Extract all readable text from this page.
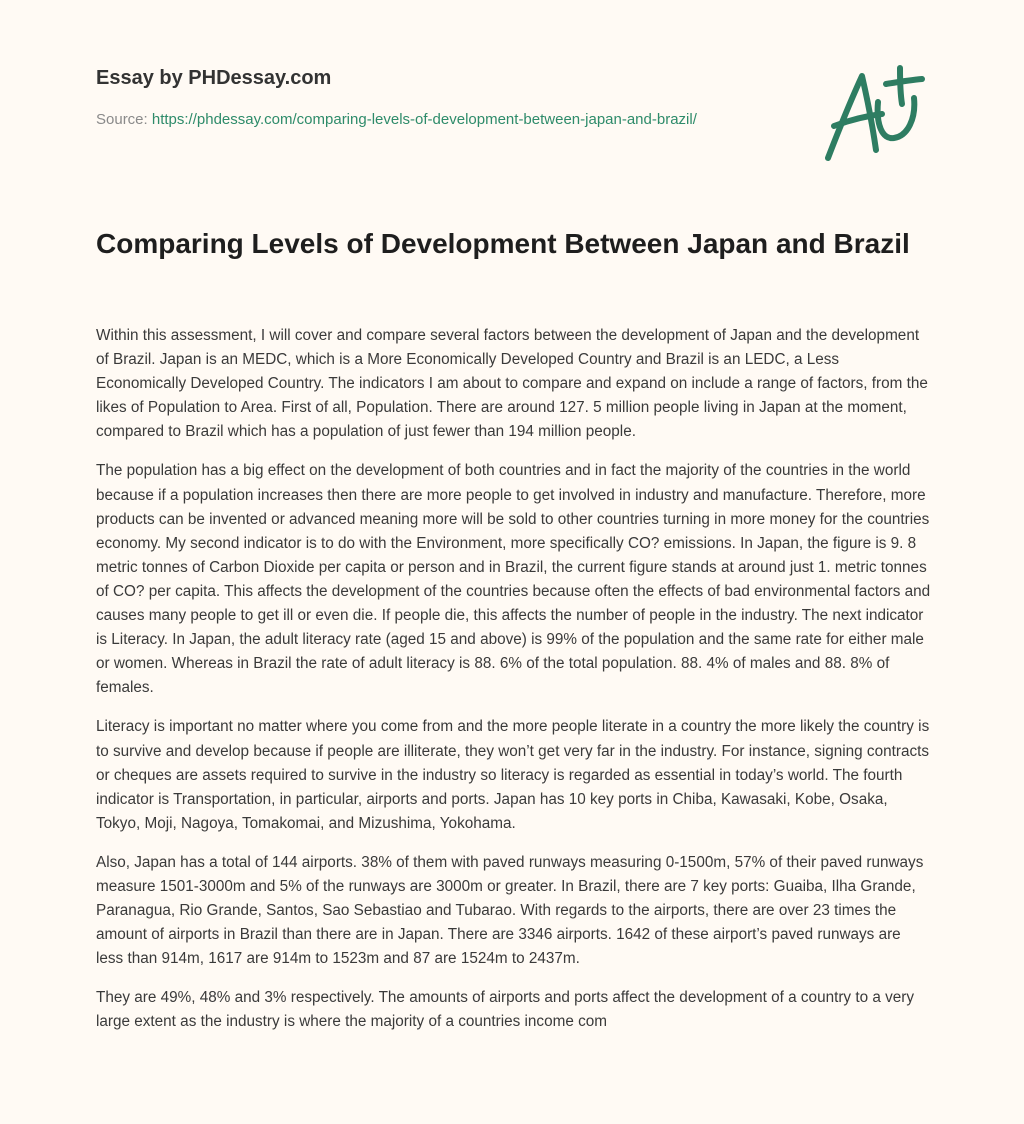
Essay by PHDessay.com

Source: https://phdessay.com/comparing-levels-of-development-between-japan-and-brazil/
Comparing Levels of Development Between Japan and Brazil

Within this assessment, I will cover and compare several factors between the development of Japan and the development of Brazil. Japan is an MEDC, which is a More Economically Developed Country and Brazil is an LEDC, a Less Economically Developed Country. The indicators I am about to compare and expand on include a range of factors, from the likes of Population to Area. First of all, Population. There are around 127. 5 million people living in Japan at the moment, compared to Brazil which has a population of just fewer than 194 million people.

The population has a big effect on the development of both countries and in fact the majority of the countries in the world because if a population increases then there are more people to get involved in industry and manufacture. Therefore, more products can be invented or advanced meaning more will be sold to other countries turning in more money for the countries economy. My second indicator is to do with the Environment, more specifically CO? emissions. In Japan, the figure is 9. 8 metric tonnes of Carbon Dioxide per capita or person and in Brazil, the current figure stands at around just 1. metric tonnes of CO? per capita. This affects the development of the countries because often the effects of bad environmental factors and causes many people to get ill or even die. If people die, this affects the number of people in the industry. The next indicator is Literacy. In Japan, the adult literacy rate (aged 15 and above) is 99% of the population and the same rate for either male or women. Whereas in Brazil the rate of adult literacy is 88. 6% of the total population. 88. 4% of males and 88. 8% of females.

Literacy is important no matter where you come from and the more people literate in a country the more likely the country is to survive and develop because if people are illiterate, they won’t get very far in the industry. For instance, signing contracts or cheques are assets required to survive in the industry so literacy is regarded as essential in today’s world. The fourth indicator is Transportation, in particular, airports and ports. Japan has 10 key ports in Chiba, Kawasaki, Kobe, Osaka, Tokyo, Moji, Nagoya, Tomakomai, and Mizushima, Yokohama.

Also, Japan has a total of 144 airports. 38% of them with paved runways measuring 0-1500m, 57% of their paved runways measure 1501-3000m and 5% of the runways are 3000m or greater. In Brazil, there are 7 key ports: Guaiba, Ilha Grande, Paranagua, Rio Grande, Santos, Sao Sebastiao and Tubarao. With regards to the airports, there are over 23 times the amount of airports in Brazil than there are in Japan. There are 3346 airports. 1642 of these airport’s paved runways are less than 914m, 1617 are 914m to 1523m and 87 are 1524m to 2437m.

They are 49%, 48% and 3% respectively. The amounts of airports and ports affect the development of a country to a very large extent as the industry is where the majority of a countries income com
